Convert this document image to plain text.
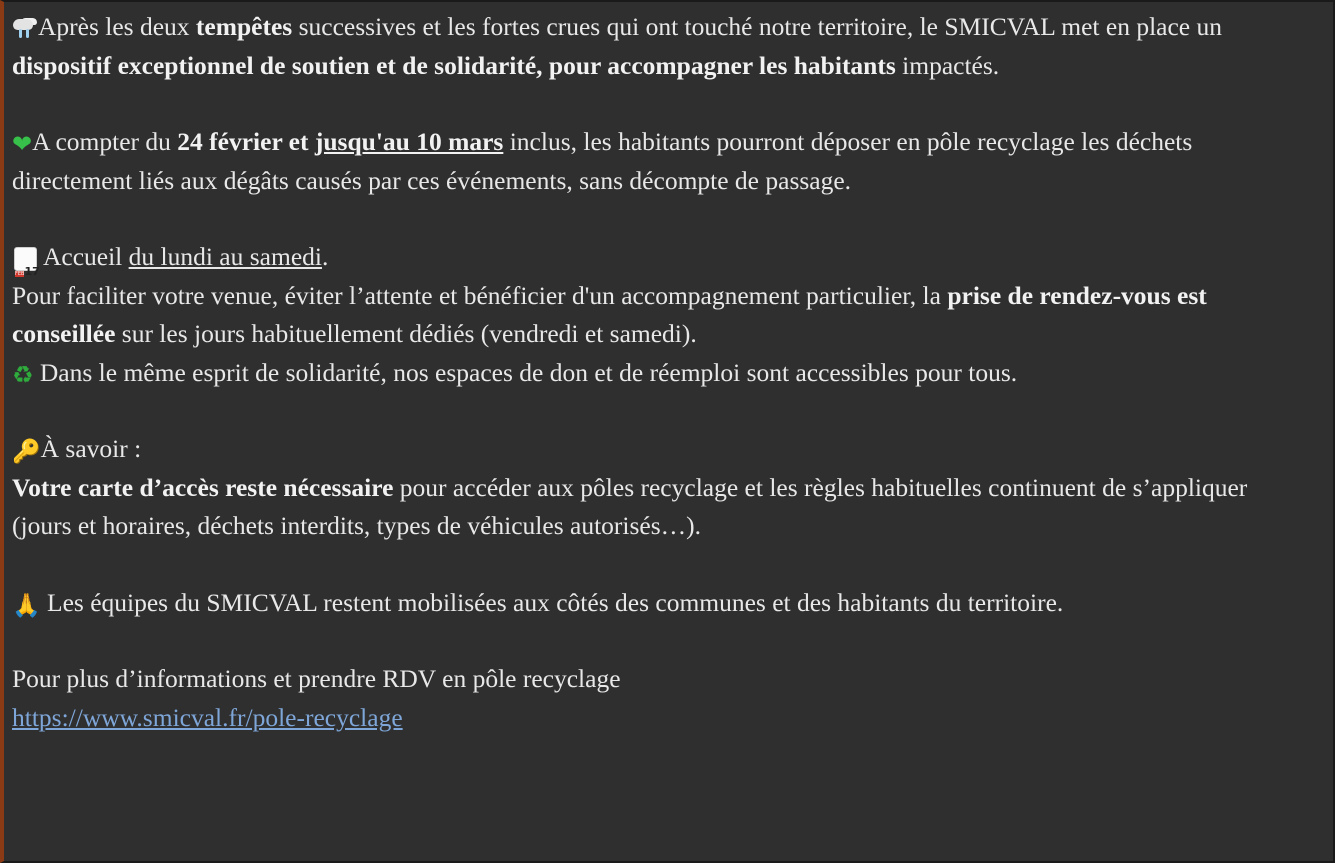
Après les deux tempêtes successives et les fortes crues qui ont touché notre territoire, le SMICVAL met en place un dispositif exceptionnel de soutien et de solidarité, pour accompagner les habitants impactés.

❤A compter du 24 février et jusqu'au 10 mars inclus, les habitants pourront déposer en pôle recyclage les déchets directement liés aux dégâts causés par ces événements, sans décompte de passage.

FEB17
Accueil du lundi au samedi.

Pour faciliter votre venue, éviter l’attente et bénéficier d'un accompagnement particulier, la prise de rendez-vous est conseillée sur les jours habituellement dédiés (vendredi et samedi).

♻ Dans le même esprit de solidarité, nos espaces de don et de réemploi sont accessibles pour tous.

🔑À savoir :

Votre carte d’accès reste nécessaire pour accéder aux pôles recyclage et les règles habituelles continuent de s’appliquer (jours et horaires, déchets interdits, types de véhicules autorisés…).

🙏 Les équipes du SMICVAL restent mobilisées aux côtés des communes et des habitants du territoire.

Pour plus d’informations et prendre RDV en pôle recyclage

https://www.smicval.fr/pole-recyclage
